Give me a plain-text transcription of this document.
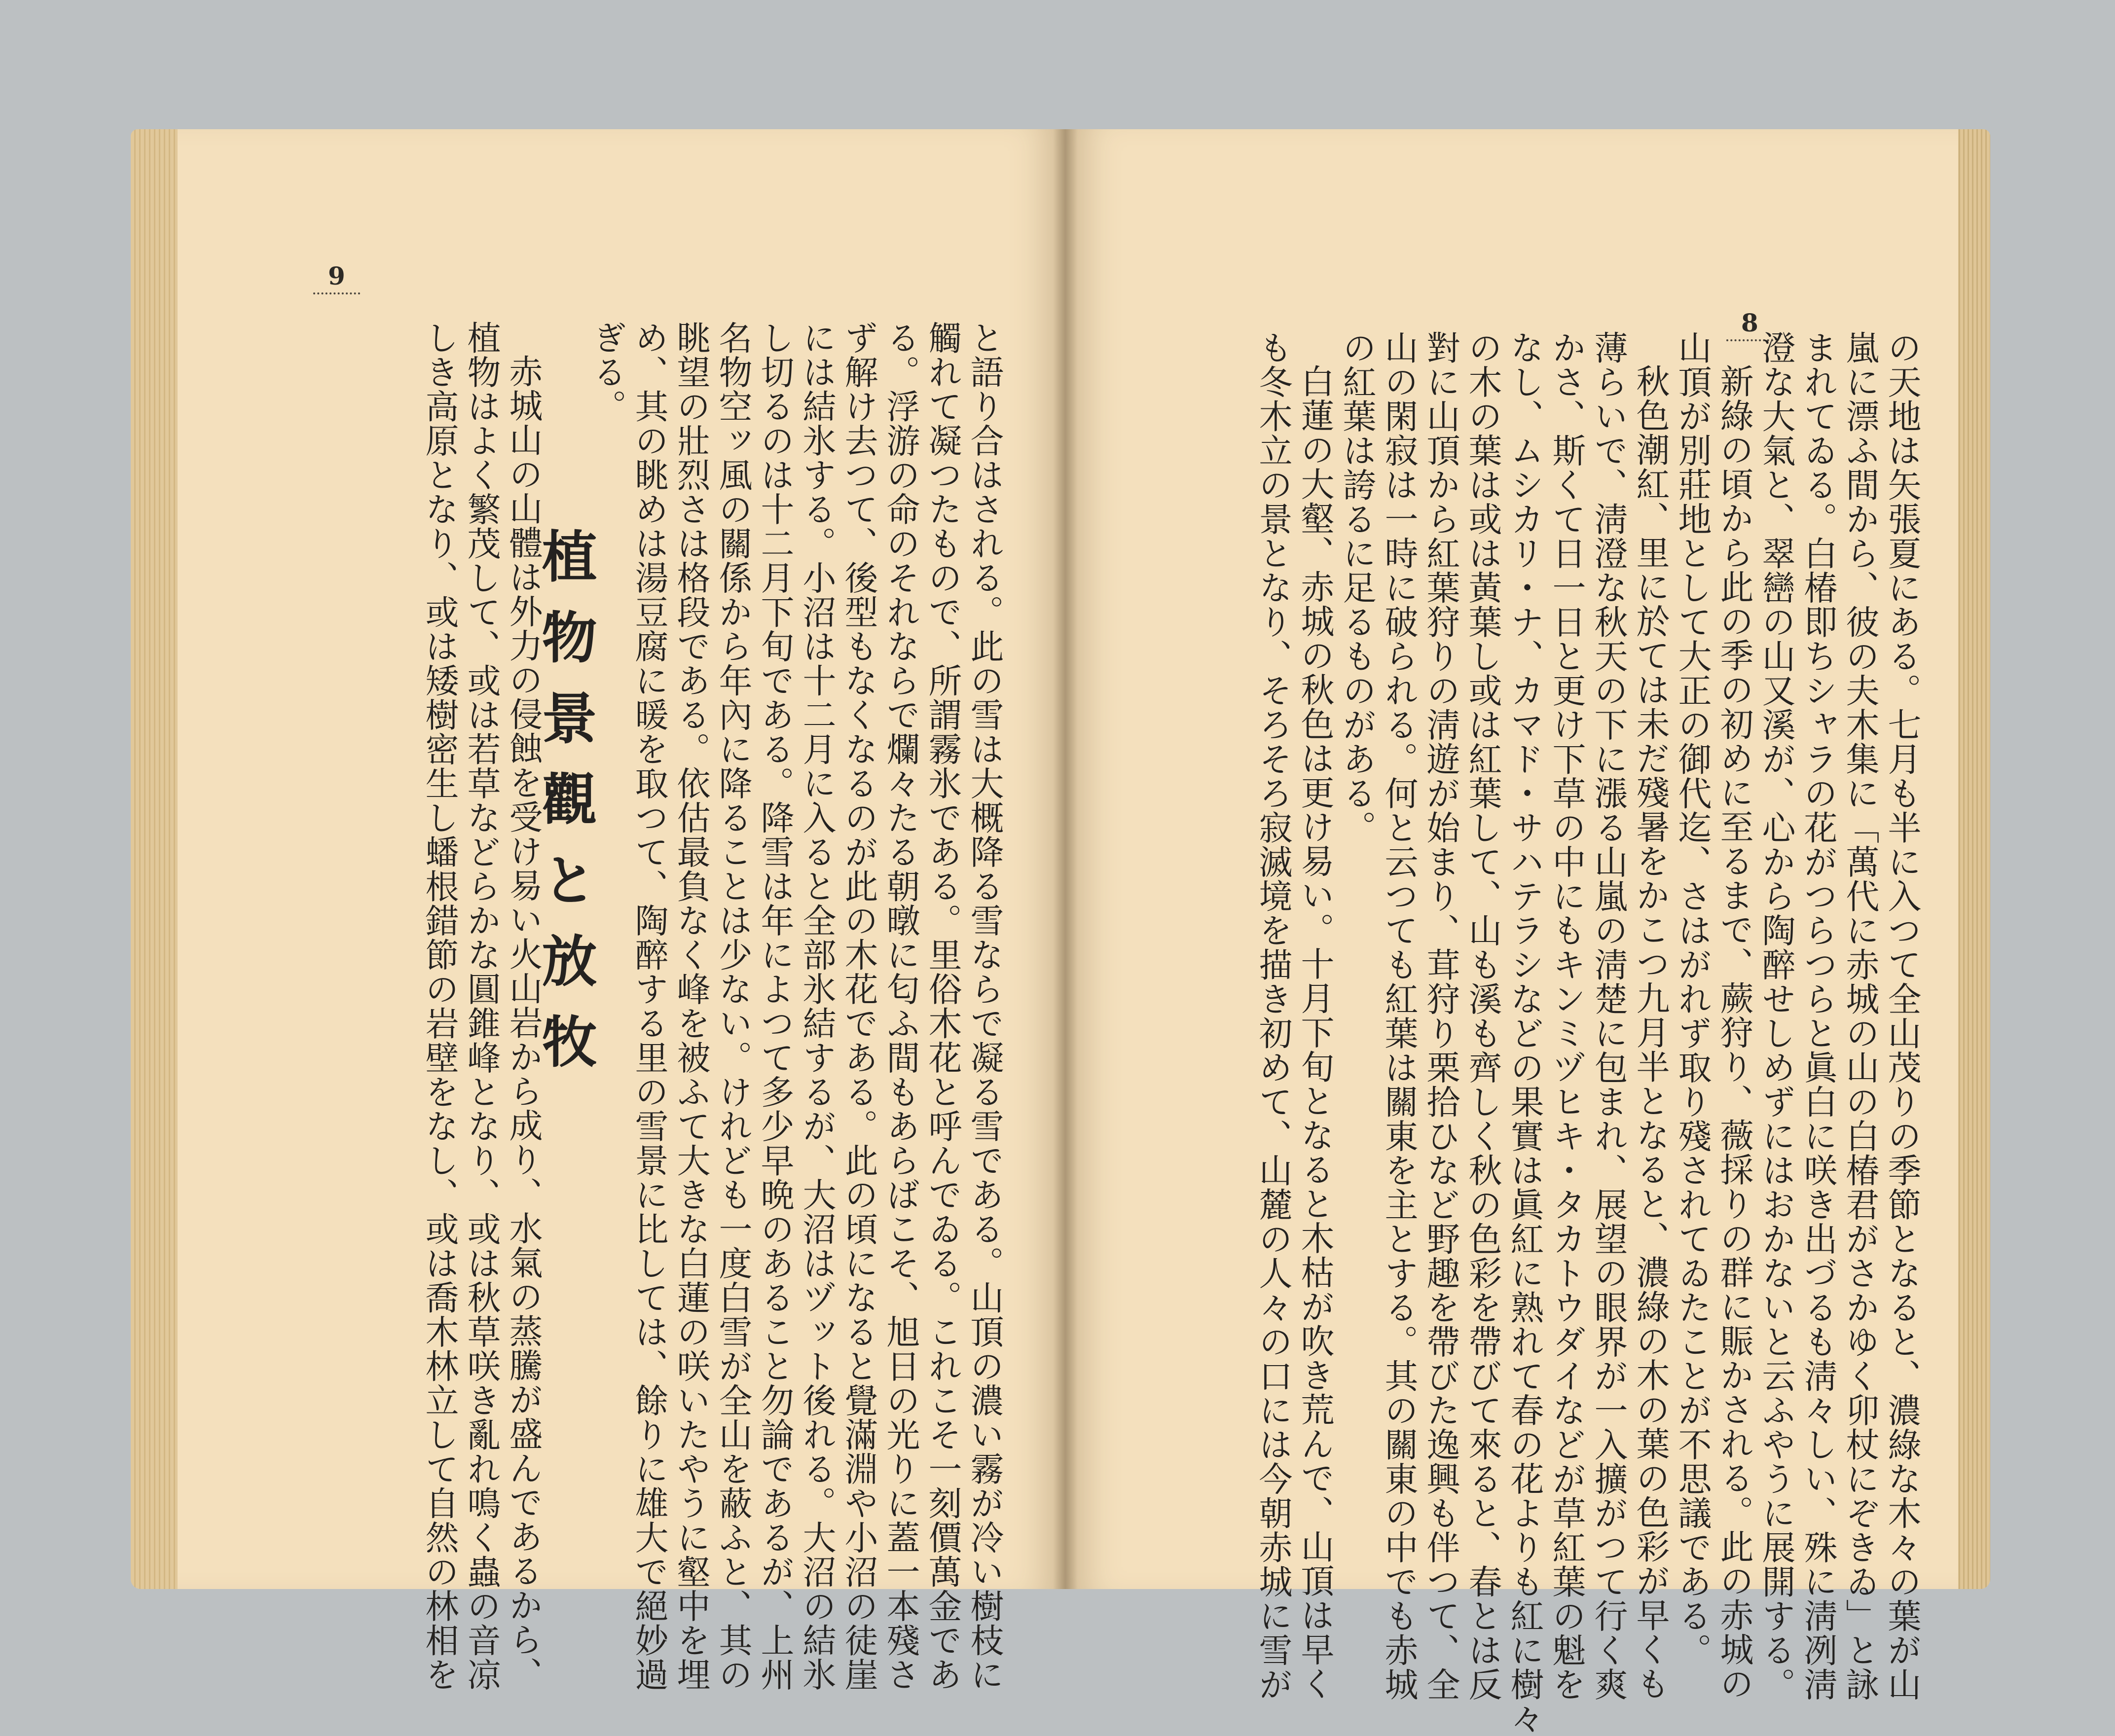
9
8

の天地は矢張夏にある。七月も半に入つて全山茂りの季節となると、濃綠な木々の葉が山

嵐に漂ふ間から、彼の夫木集に「萬代に赤城の山の白椿君がさかゆく卯杖にぞきゐ」と詠

まれてゐる。白椿即ちシャラの花がつらつらと眞白に咲き出づるも淸々しい、殊に淸冽淸

澄な大氣と、翠巒の山又溪が、心から陶醉せしめずにはおかないと云ふやうに展開する。

新綠の頃から此の季の初めに至るまで、蕨狩り、薇採りの群に賑かされる。此の赤城の

山頂が別莊地として大正の御代迄、さはがれず取り殘されてゐたことが不思議である。

秋色潮紅、里に於ては未だ殘暑をかこつ九月半となると、濃綠の木の葉の色彩が早くも

薄らいで、淸澄な秋天の下に漲る山嵐の淸楚に包まれ、展望の眼界が一入擴がつて行く爽

かさ、斯くて日一日と更け下草の中にもキンミヅヒキ・タカトウダイなどが草紅葉の魁を

なし、ムシカリ・ナ、カマド・サハテラシなどの果實は眞紅に熟れて春の花よりも紅に樹々

の木の葉は或は黃葉し或は紅葉して、山も溪も齊しく秋の色彩を帶びて來ると、春とは反

對に山頂から紅葉狩りの淸遊が始まり、茸狩り栗拾ひなど野趣を帶びた逸興も伴つて、全

山の閑寂は一時に破られる。何と云つても紅葉は關東を主とする。其の關東の中でも赤城

の紅葉は誇るに足るものがある。

白蓮の大壑、赤城の秋色は更け易い。十月下旬となると木枯が吹き荒んで、山頂は早く

も冬木立の景となり、そろそろ寂滅境を描き初めて、山麓の人々の口には今朝赤城に雪が

と語り合はされる。此の雪は大概降る雪ならで凝る雪である。山頂の濃い霧が冷い樹枝に

觸れて凝つたもので、所謂霧氷である。里俗木花と呼んでゐる。これこそ一刻價萬金であ

る。浮游の命のそれならで爛々たる朝暾に匂ふ間もあらばこそ、旭日の光りに蓋一本殘さ

ず解け去つて、後型もなくなるのが此の木花である。此の頃になると覺滿淵や小沼の徒崖

には結氷する。小沼は十二月に入ると全部氷結するが、大沼はヅット後れる。大沼の結氷

し切るのは十二月下旬である。降雪は年によつて多少早晩のあること勿論であるが、上州

名物空ッ風の關係から年內に降ることは少ない。けれども一度白雪が全山を蔽ふと、其の

眺望の壯烈さは格段である。依估最負なく峰を被ふて大きな白蓮の咲いたやうに壑中を埋

め、其の眺めは湯豆腐に暖を取つて、陶醉する里の雪景に比しては、餘りに雄大で絕妙過

ぎる。

植物景觀と放牧

赤城山の山體は外力の侵蝕を受け易い火山岩から成り、水氣の蒸騰が盛んであるから、

植物はよく繁茂して、或は若草などらかな圓錐峰となり、或は秋草咲き亂れ鳴く蟲の音凉

しき高原となり、或は矮樹密生し蟠根錯節の岩壁をなし、或は喬木林立して自然の林相を
